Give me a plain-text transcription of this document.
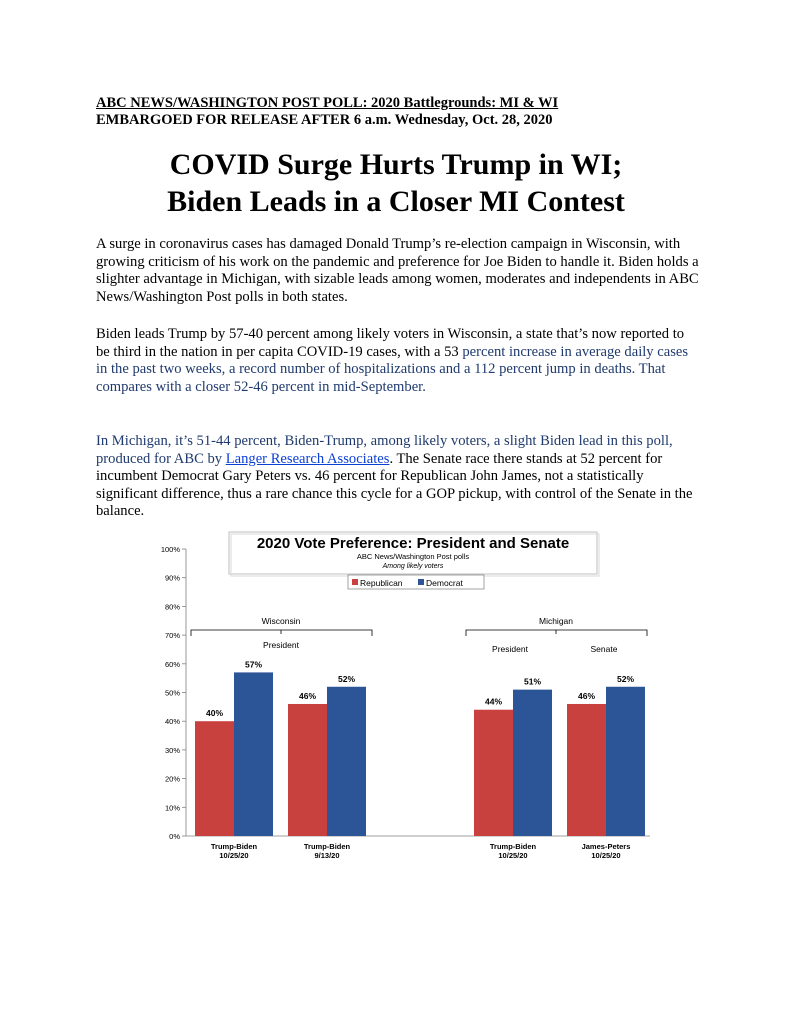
ABC NEWS/WASHINGTON POST POLL: 2020 Battlegrounds: MI & WI
EMBARGOED FOR RELEASE AFTER 6 a.m. Wednesday, Oct. 28, 2020
COVID Surge Hurts Trump in WI;
Biden Leads in a Closer MI Contest
A surge in coronavirus cases has damaged Donald Trump’s re-election campaign in Wisconsin, with growing criticism of his work on the pandemic and preference for Joe Biden to handle it. Biden holds a slighter advantage in Michigan, with sizable leads among women, moderates and independents in ABC News/Washington Post polls in both states.
Biden leads Trump by 57-40 percent among likely voters in Wisconsin, a state that’s now reported to be third in the nation in per capita COVID-19 cases, with a 53 percent increase in average daily cases in the past two weeks, a record number of hospitalizations and a 112 percent jump in deaths. That compares with a closer 52-46 percent in mid-September.
In Michigan, it’s 51-44 percent, Biden-Trump, among likely voters, a slight Biden lead in this poll, produced for ABC by Langer Research Associates. The Senate race there stands at 52 percent for incumbent Democrat Gary Peters vs. 46 percent for Republican John James, not a statistically significant difference, thus a rare chance this cycle for a GOP pickup, with control of the Senate in the balance.
2020 Vote Preference: President and Senate
ABC News/Washington Post polls
Among likely voters
Republican	Democrat
0%
10%
20%
30%
40%
50%
60%
70%
80%
90%
100%
Wisconsin
President
Michigan
President	Senate
40%
57%
Trump-Biden
10/25/20
46%
52%
Trump-Biden
9/13/20
44%
51%
Trump-Biden
10/25/20
46%
52%
James-Peters
10/25/20
